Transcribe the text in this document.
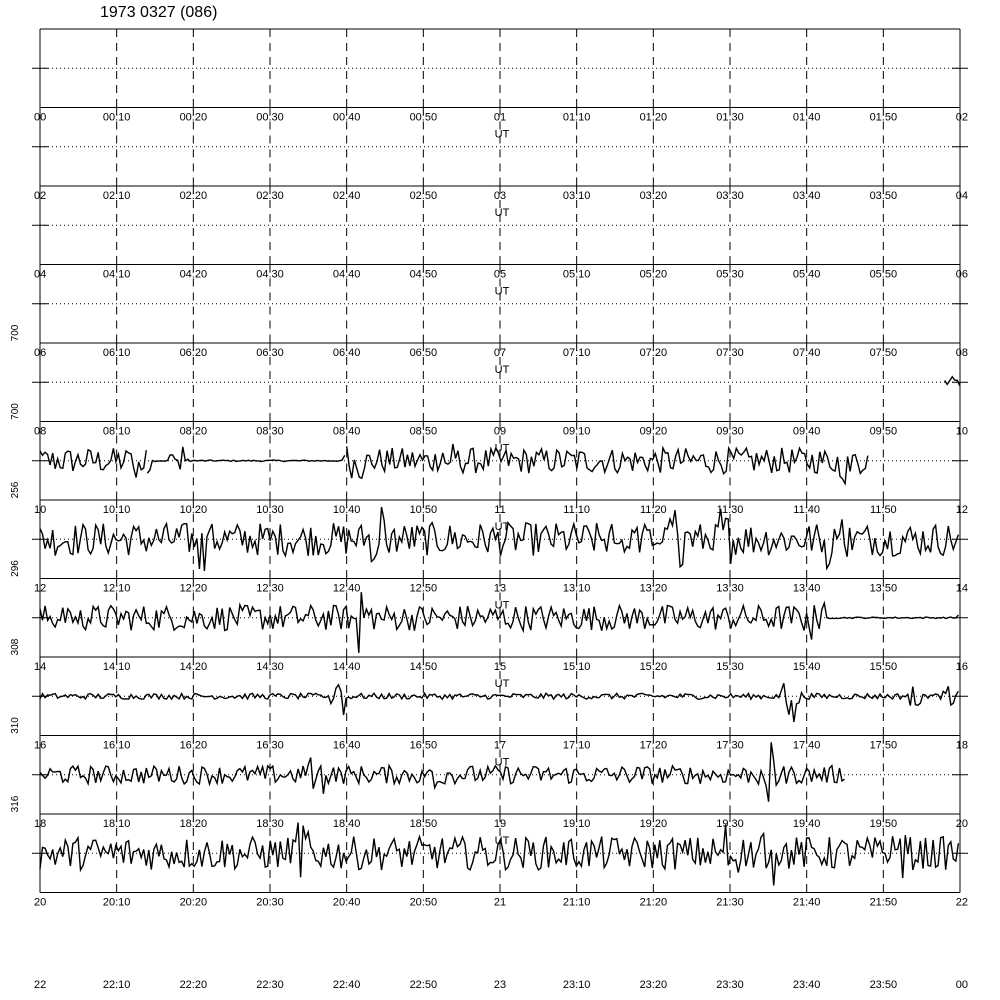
1973 0327 (086)
00	00:10	00:20	00:30	00:40	00:50	01	01:10	01:20	01:30	01:40	01:50	02
02	02:10	02:20	02:30	02:40	02:50	03	03:10	03:20	03:30	03:40	03:50	04
UT
04	04:10	04:20	04:30	04:40	04:50	05	05:10	05:20	05:30	05:40	05:50	06
UT
06	06:10	06:20	06:30	06:40	06:50	07	07:10	07:20	07:30	07:40	07:50	08
UT
700
08	08:10	08:20	08:30	08:40	08:50	09	09:10	09:20	09:30	09:40	09:50	10
UT
700
10	10:10	10:20	10:30	10:40	10:50	11	11:10	11:20	11:30	11:40	11:50	12
UT
256
12	12:10	12:20	12:30	12:40	12:50	13	13:10	13:20	13:30	13:40	13:50	14
UT
296
14	14:10	14:20	14:30	14:40	14:50	15	15:10	15:20	15:30	15:40	15:50	16
UT
308
16	16:10	16:20	16:30	16:40	16:50	17	17:10	17:20	17:30	17:40	17:50	18
UT
310
18	18:10	18:20	18:30	18:40	18:50	19	19:10	19:20	19:30	19:40	19:50	20
UT
316
20	20:10	20:20	20:30	20:40	20:50	21	21:10	21:20	21:30	21:40	21:50	22
UT
22	22:10	22:20	22:30	22:40	22:50	23	23:10	23:20	23:30	23:40	23:50	00
